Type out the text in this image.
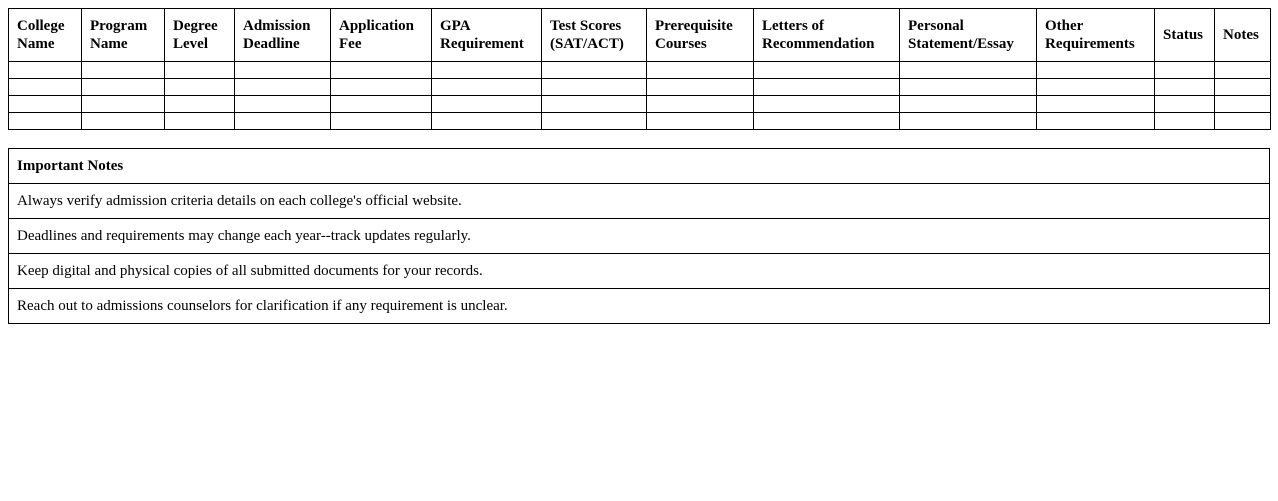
College Name	Program Name	Degree Level	Admission Deadline	Application Fee	GPA Requirement	Test Scores (SAT/ACT)	Prerequisite Courses	Letters of Recommendation	Personal Statement/Essay	Other Requirements	Status	Notes

Important Notes
Always verify admission criteria details on each college's official website.
Deadlines and requirements may change each year--track updates regularly.
Keep digital and physical copies of all submitted documents for your records.
Reach out to admissions counselors for clarification if any requirement is unclear.
